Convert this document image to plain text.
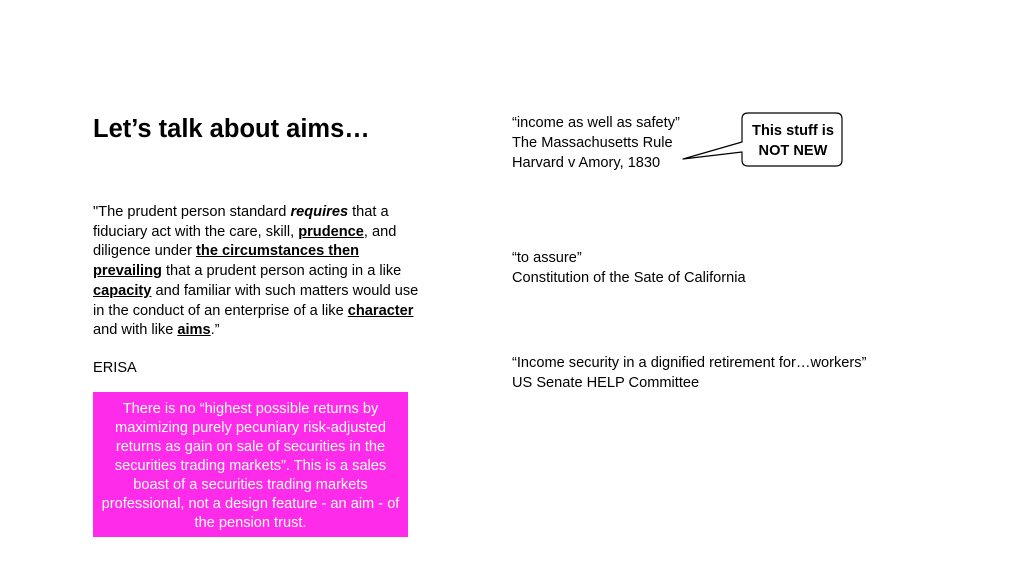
Let’s talk about aims…

"The prudent person standard requires that a fiduciary act with the care, skill, prudence, and diligence under the circumstances then prevailing that a prudent person acting in a like capacity and familiar with such matters would use in the conduct of an enterprise of a like character and with like aims.”

ERISA

There is no “highest possible returns by maximizing purely pecuniary risk-adjusted returns as gain on sale of securities in the securities trading markets”. This is a sales boast of a securities trading markets professional, not a design feature - an aim - of the pension trust.

“income as well as safety”
The Massachusetts Rule
Harvard v Amory, 1830
“to assure”
Constitution of the Sate of California
“Income security in a dignified retirement for…workers”
US Senate HELP Committee
This stuff is
NOT NEW
